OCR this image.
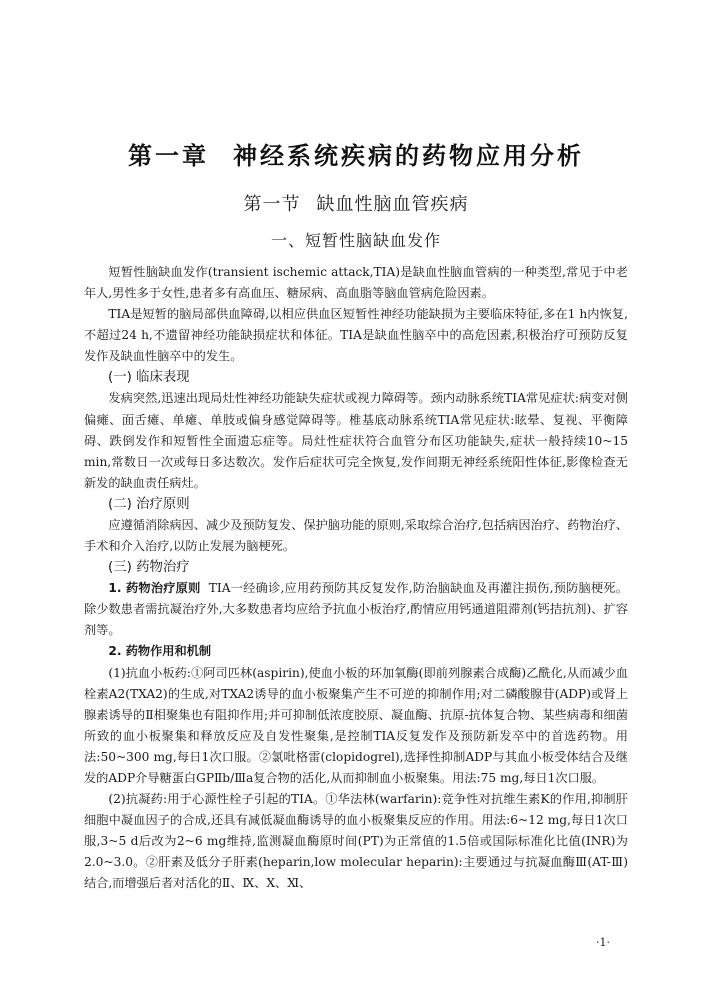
第一章 神经系统疾病的药物应用分析
第一节 缺血性脑血管疾病
一、短暂性脑缺血发作

短暂性脑缺血发作(transient ischemic attack,TIA)是缺血性脑血管病的一种类型,常见于中老年人,男性多于女性,患者多有高血压、糖尿病、高血脂等脑血管病危险因素。

TIA是短暂的脑局部供血障碍,以相应供血区短暂性神经功能缺损为主要临床特征,多在1 h内恢复,不超过24 h,不遗留神经功能缺损症状和体征。TIA是缺血性脑卒中的高危因素,积极治疗可预防反复发作及缺血性脑卒中的发生。

(一) 临床表现

发病突然,迅速出现局灶性神经功能缺失症状或视力障碍等。颈内动脉系统TIA常见症状:病变对侧偏瘫、面舌瘫、单瘫、单肢或偏身感觉障碍等。椎基底动脉系统TIA常见症状:眩晕、复视、平衡障碍、跌倒发作和短暂性全面遗忘症等。局灶性症状符合血管分布区功能缺失,症状一般持续10~15 min,常数日一次或每日多达数次。发作后症状可完全恢复,发作间期无神经系统阳性体征,影像检查无新发的缺血责任病灶。

(二) 治疗原则

应遵循消除病因、减少及预防复发、保护脑功能的原则,采取综合治疗,包括病因治疗、药物治疗、手术和介入治疗,以防止发展为脑梗死。

(三) 药物治疗

1. 药物治疗原则 TIA一经确诊,应用药预防其反复发作,防治脑缺血及再灌注损伤,预防脑梗死。除少数患者需抗凝治疗外,大多数患者均应给予抗血小板治疗,酌情应用钙通道阻滞剂(钙拮抗剂)、扩容剂等。

2. 药物作用和机制

(1)抗血小板药:①阿司匹林(aspirin),使血小板的环加氧酶(即前列腺素合成酶)乙酰化,从而减少血栓素A2(TXA2)的生成,对TXA2诱导的血小板聚集产生不可逆的抑制作用;对二磷酸腺苷(ADP)或肾上腺素诱导的Ⅱ相聚集也有阻抑作用;并可抑制低浓度胶原、凝血酶、抗原-抗体复合物、某些病毒和细菌所致的血小板聚集和释放反应及自发性聚集,是控制TIA反复发作及预防新发卒中的首选药物。用法:50~300 mg,每日1次口服。②氯吡格雷(clopidogrel),选择性抑制ADP与其血小板受体结合及继发的ADP介导糖蛋白GPⅡb/Ⅲa复合物的活化,从而抑制血小板聚集。用法:75 mg,每日1次口服。

(2)抗凝药:用于心源性栓子引起的TIA。①华法林(warfarin):竞争性对抗维生素K的作用,抑制肝细胞中凝血因子的合成,还具有减低凝血酶诱导的血小板聚集反应的作用。用法:6~12 mg,每日1次口服,3~5 d后改为2~6 mg维持,监测凝血酶原时间(PT)为正常值的1.5倍或国际标准化比值(INR)为2.0~3.0。②肝素及低分子肝素(heparin,low molecular heparin):主要通过与抗凝血酶Ⅲ(AT-Ⅲ)结合,而增强后者对活化的Ⅱ、Ⅸ、Ⅹ、Ⅺ、

·1·
